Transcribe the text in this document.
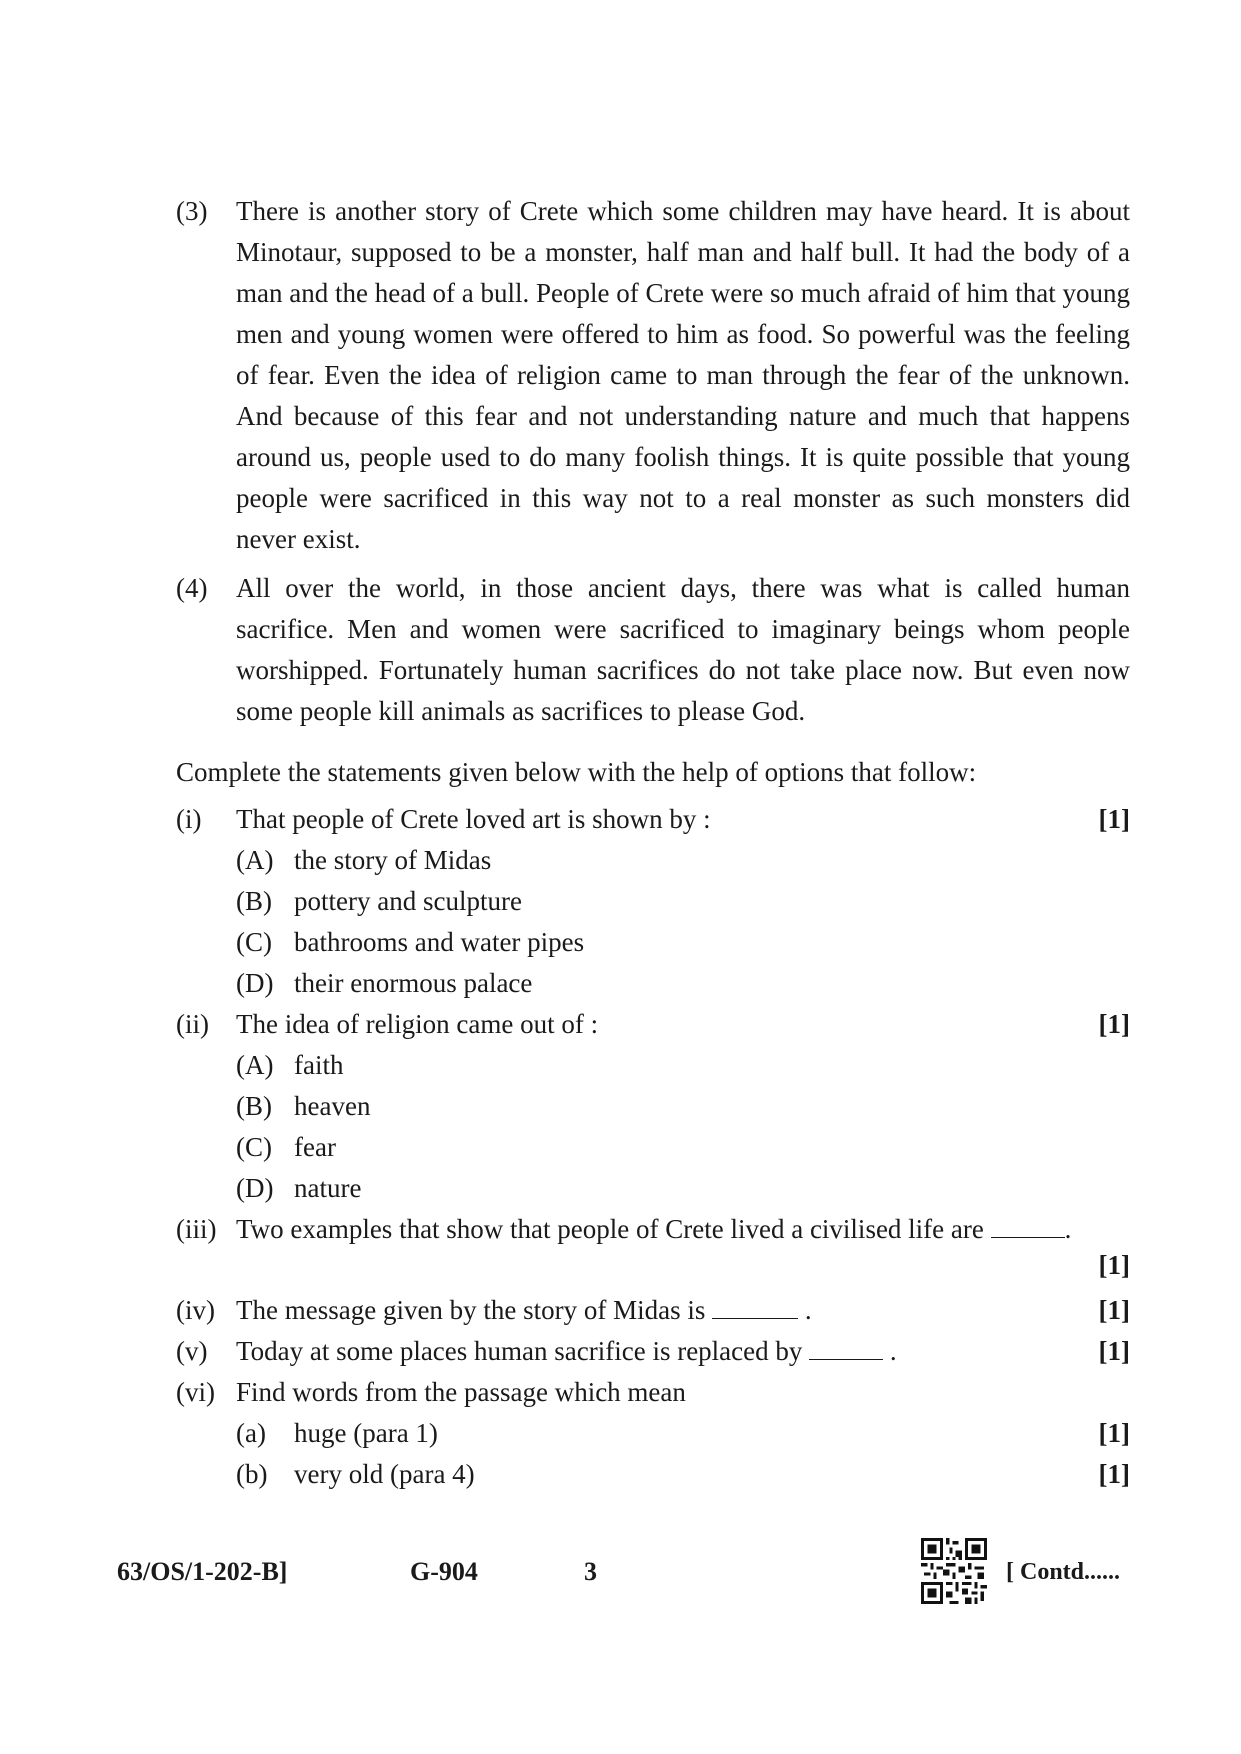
(3) There is another story of Crete which some children may have heard. It is about Minotaur, supposed to be a monster, half man and half bull. It had the body of a man and the head of a bull. People of Crete were so much afraid of him that young men and young women were offered to him as food. So powerful was the feeling of fear. Even the idea of religion came to man through the fear of the unknown. And because of this fear and not understanding nature and much that happens around us, people used to do many foolish things. It is quite possible that young people were sacrificed in this way not to a real monster as such monsters did never exist.
(4) All over the world, in those ancient days, there was what is called human sacrifice. Men and women were sacrificed to imaginary beings whom people worshipped. Fortunately human sacrifices do not take place now. But even now some people kill animals as sacrifices to please God.
Complete the statements given below with the help of options that follow:
(i) That people of Crete loved art is shown by :	[1]
(A) the story of Midas
(B) pottery and sculpture
(C) bathrooms and water pipes
(D) their enormous palace
(ii) The idea of religion came out of :	[1]
(A) faith
(B) heaven
(C) fear
(D) nature
(iii) Two examples that show that people of Crete lived a civilised life are	.
[1]
(iv) The message given by the story of Midas is	.	[1]
(v) Today at some places human sacrifice is replaced by	.	[1]
(vi) Find words from the passage which mean
(a) huge (para 1)	[1]
(b) very old (para 4)	[1]
63/OS/1-202-B]	G-904	3	[ Contd......
